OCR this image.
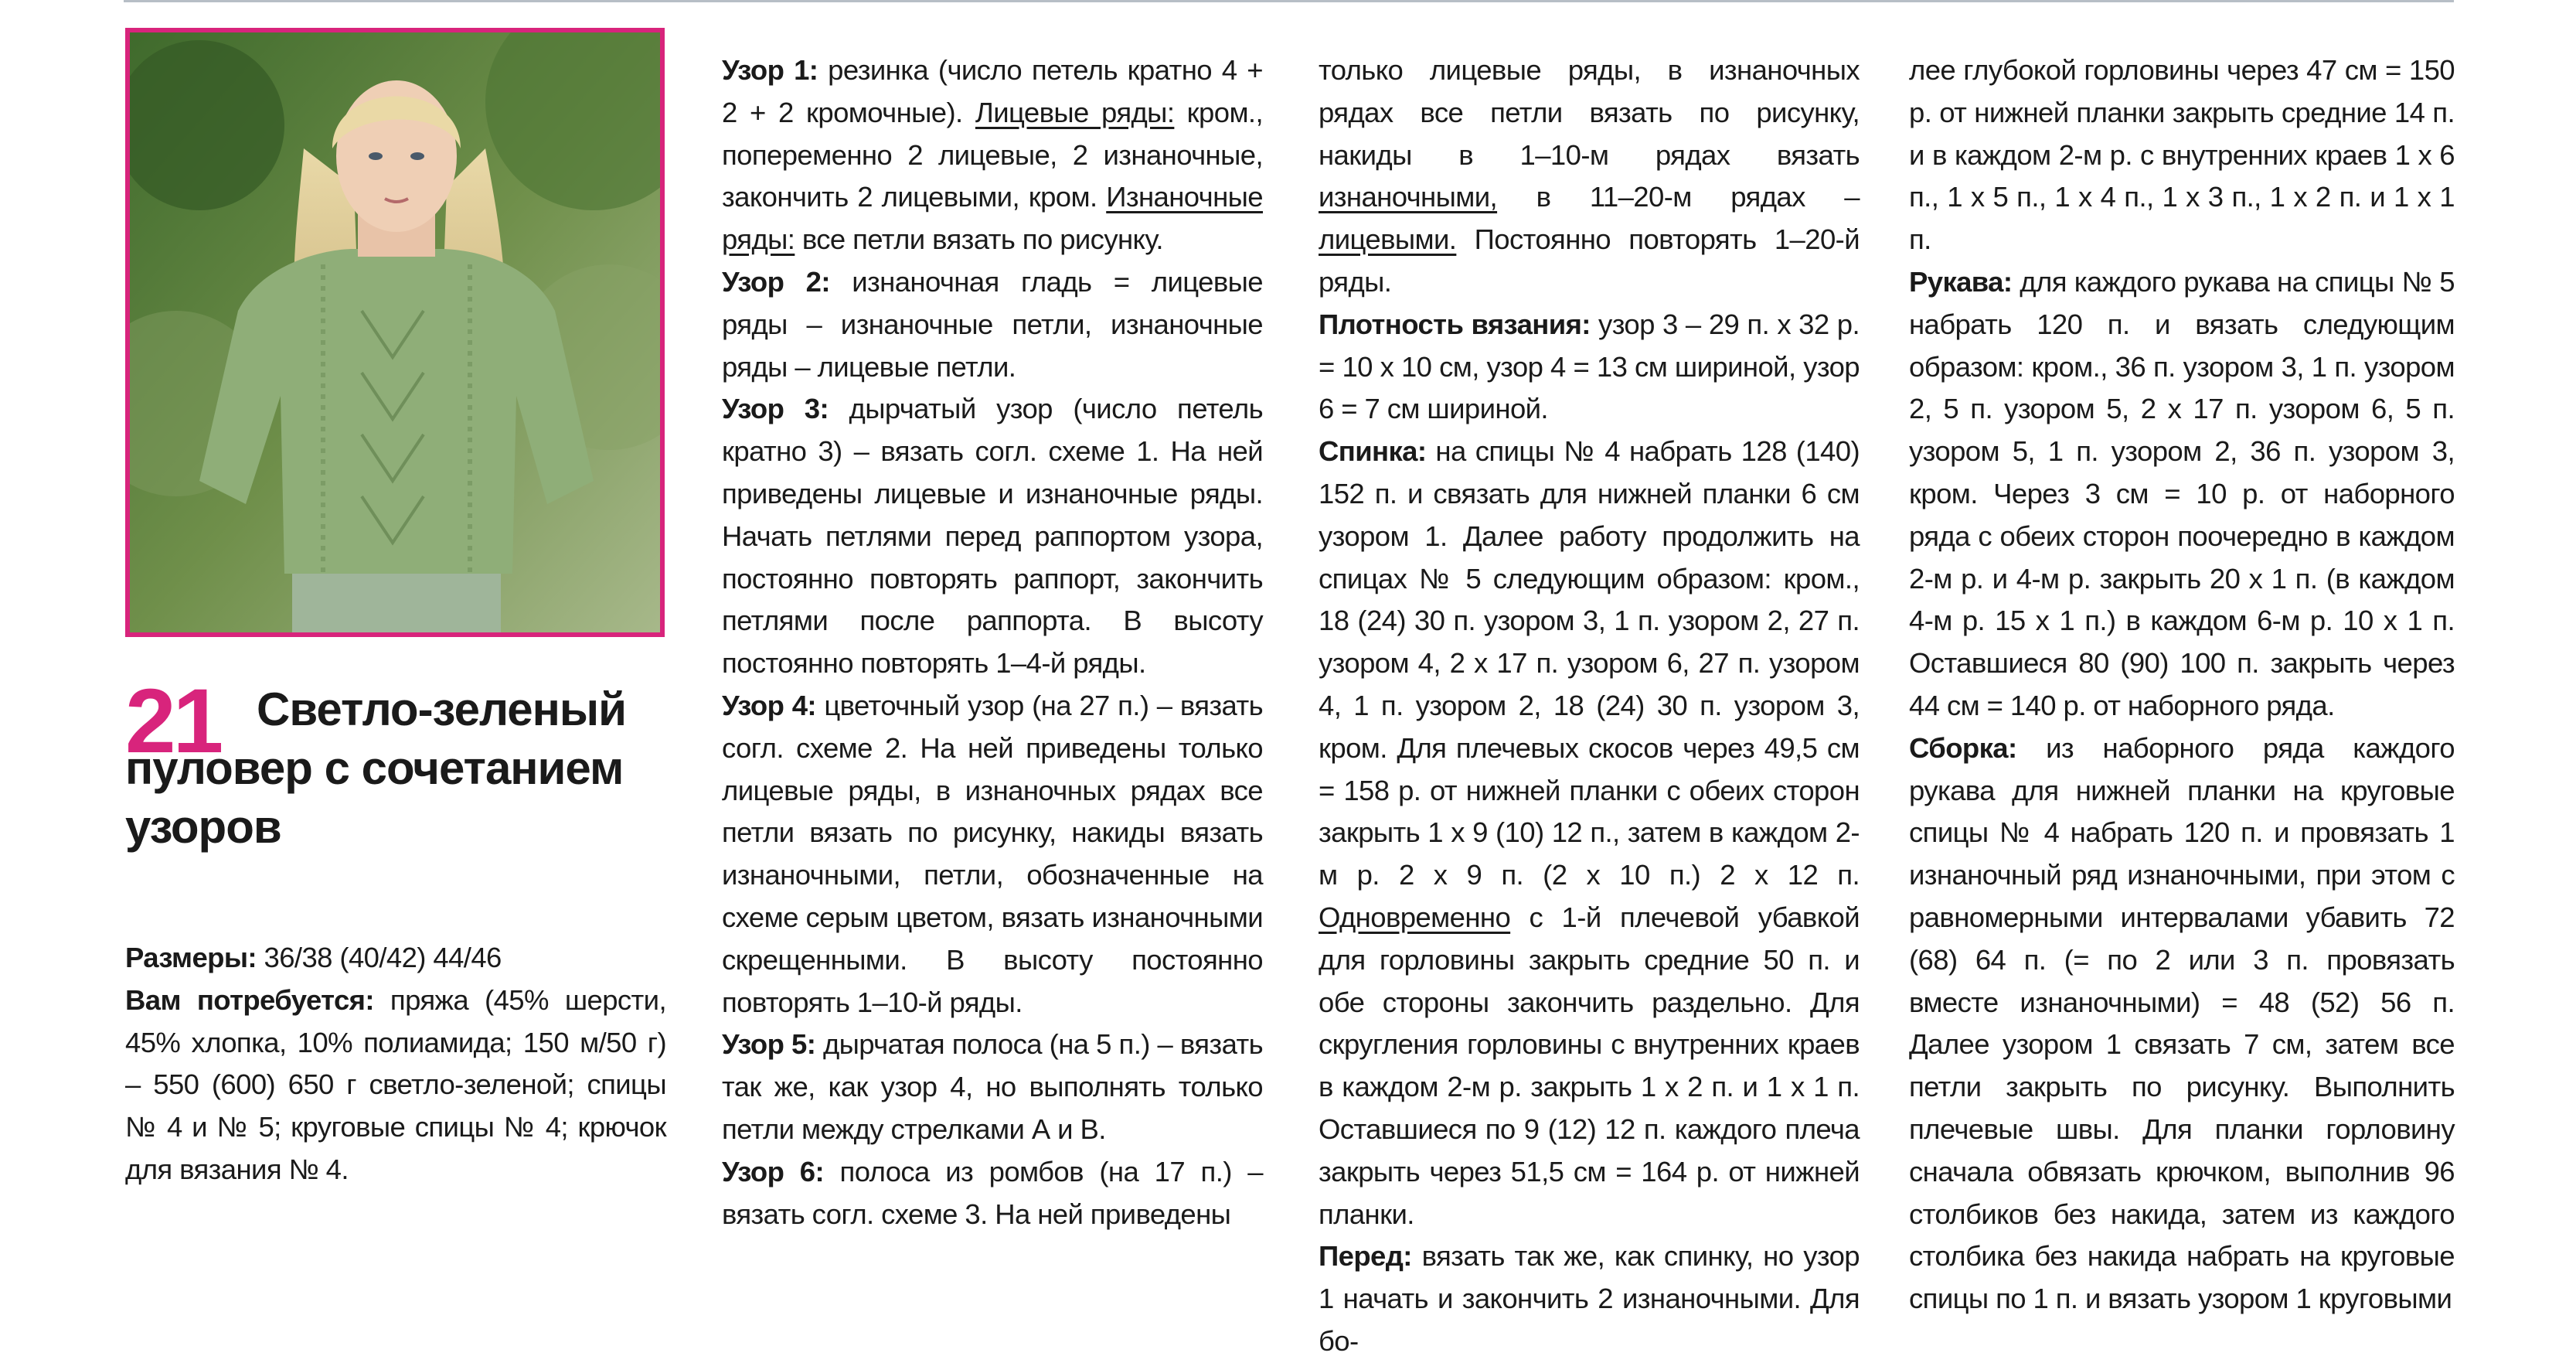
21 Светло-зеленый пуловер с сочетанием узоров

Размеры: 36/38 (40/42) 44/46

Вам потребуется: пряжа (45% шерсти, 45% хлопка, 10% полиамида; 150 м/50 г) – 550 (600) 650 г светло-зеленой; спицы № 4 и № 5; круговые спицы № 4; крючок для вязания № 4.

Узор 1: резинка (число петель кратно 4 + 2 + 2 кромочные). Лицевые ряды: кром., попеременно 2 лицевые, 2 изнаночные, закончить 2 лицевыми, кром. Изнаночные ряды: все петли вязать по рисунку.

Узор 2: изнаночная гладь = лицевые ряды – изнаночные петли, изнаночные ряды – лицевые петли.

Узор 3: дырчатый узор (число петель кратно 3) – вязать согл. схеме 1. На ней приведены лицевые и изнаночные ряды. Начать петлями перед раппортом узора, постоянно повторять раппорт, закончить петлями после раппорта. В высоту постоянно повторять 1–4-й ряды.

Узор 4: цветочный узор (на 27 п.) – вязать согл. схеме 2. На ней приведены только лицевые ряды, в изнаночных рядах все петли вязать по рисунку, накиды вязать изнаночными, петли, обозначенные на схеме серым цветом, вязать изнаночными скрещенными. В высоту постоянно повторять 1–10-й ряды.

Узор 5: дырчатая полоса (на 5 п.) – вязать так же, как узор 4, но выполнять только петли между стрелками А и В.

Узор 6: полоса из ромбов (на 17 п.) – вязать согл. схеме 3. На ней приведены

только лицевые ряды, в изнаночных рядах все петли вязать по рисунку, накиды в 1–10-м рядах вязать изнаночными, в 11–20-м рядах – лицевыми. Постоянно повторять 1–20-й ряды.

Плотность вязания: узор 3 – 29 п. х 32 р. = 10 х 10 см, узор 4 = 13 см шириной, узор 6 = 7 см шириной.

Спинка: на спицы № 4 набрать 128 (140) 152 п. и связать для нижней планки 6 см узором 1. Далее работу продолжить на спицах № 5 следующим образом: кром., 18 (24) 30 п. узором 3, 1 п. узором 2, 27 п. узором 4, 2 х 17 п. узором 6, 27 п. узором 4, 1 п. узором 2, 18 (24) 30 п. узором 3, кром. Для плечевых скосов через 49,5 см = 158 р. от нижней планки с обеих сторон закрыть 1 х 9 (10) 12 п., затем в каждом 2-м р. 2 х 9 п. (2 х 10 п.) 2 х 12 п. Одновременно с 1-й плечевой убавкой для горловины закрыть средние 50 п. и обе стороны закончить раздельно. Для скругления горловины с внутренних краев в каждом 2-м р. закрыть 1 х 2 п. и 1 х 1 п. Оставшиеся по 9 (12) 12 п. каждого плеча закрыть через 51,5 см = 164 р. от нижней планки.

Перед: вязать так же, как спинку, но узор 1 начать и закончить 2 изнаночными. Для бо-

лее глубокой горловины через 47 см = 150 р. от нижней планки закрыть средние 14 п. и в каждом 2-м р. с внутренних краев 1 х 6 п., 1 х 5 п., 1 х 4 п., 1 х 3 п., 1 х 2 п. и 1 х 1 п.

Рукава: для каждого рукава на спицы № 5 набрать 120 п. и вязать следующим образом: кром., 36 п. узором 3, 1 п. узором 2, 5 п. узором 5, 2 х 17 п. узором 6, 5 п. узором 5, 1 п. узором 2, 36 п. узором 3, кром. Через 3 см = 10 р. от наборного ряда с обеих сторон поочередно в каждом 2-м р. и 4-м р. закрыть 20 х 1 п. (в каждом 4-м р. 15 х 1 п.) в каждом 6-м р. 10 х 1 п. Оставшиеся 80 (90) 100 п. закрыть через 44 см = 140 р. от наборного ряда.

Сборка: из наборного ряда каждого рукава для нижней планки на круговые спицы № 4 набрать 120 п. и провязать 1 изнаночный ряд изнаночными, при этом с равномерными интервалами убавить 72 (68) 64 п. (= по 2 или 3 п. провязать вместе изнаночными) = 48 (52) 56 п. Далее узором 1 связать 7 см, затем все петли закрыть по рисунку. Выполнить плечевые швы. Для планки горловину сначала обвязать крючком, выполнив 96 столбиков без накида, затем из каждого столбика без накида набрать на круговые спицы по 1 п. и вязать узором 1 круговыми
